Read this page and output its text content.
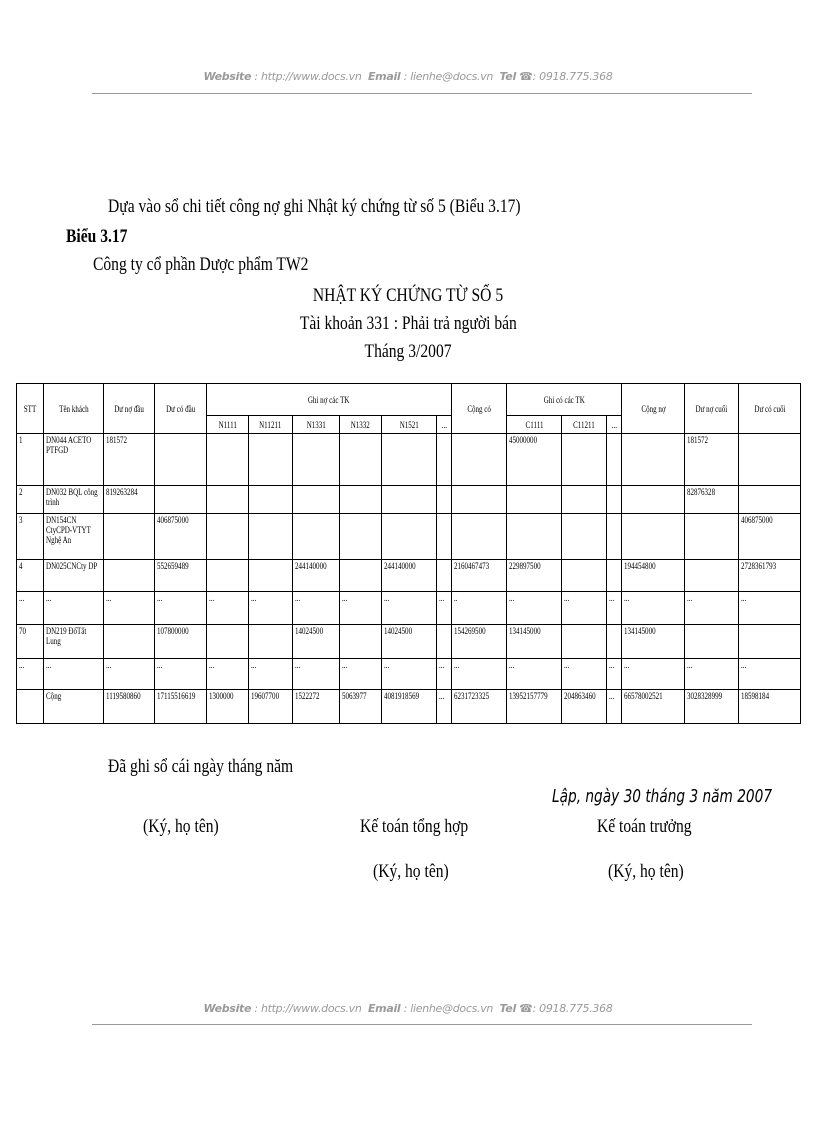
Website : http://www.docs.vn Email : lienhe@docs.vn Tel ☎: 0918.775.368
Dựa vào sổ chi tiết công nợ ghi Nhật ký chứng từ số 5 (Biểu 3.17)
Biểu 3.17
Công ty cổ phần Dược phẩm TW2
NHẬT KÝ CHỨNG TỪ SỐ 5
Tài khoản 331 : Phải trả người bán
Tháng 3/2007
STT	Tên khách	Dư nợ đầu	Dư có đầu	Ghi nợ các TK						Cộng có	Ghi có các TK			Cộng nợ	Dư nợ cuối	Dư có cuối
				N1111	N11211	N1331	N1332	N1521	...		C1111	C11211	...			
1	DN044 ACETO PTFGD	181572									45000000				181572	
2	DN032 BQL công trình	819263284													82876328	
3	DN154CN CtyCPD-VTYT Nghệ An		406875000													406875000
4	DN025CNCty DP		552659489			244140000		244140000		2160467473	229897500			194454800		2728361793
...	...	...	...	...	...	...	...	...	...	..	...	...	...	...	...	...
70	DN219 ĐốTất Lung		107800000			14024500		14024500		154269500	134145000			134145000		
...	...	...	...	...	...	...	...	...	...	...	...	...	...	...	...	...

	Cộng	1119580860	17115516619	1300000	19607700	1522272	5063977	4081918569	...	6231723325	13952157779	204863460	...	66578002521	3028328999	18598184
Đã ghi sổ cái ngày tháng năm
Lập, ngày 30 tháng 3 năm 2007
(Ký, họ tên)	Kế toán tổng hợp	Kế toán trưởng
(Ký, họ tên)	(Ký, họ tên)
Website : http://www.docs.vn Email : lienhe@docs.vn Tel ☎: 0918.775.368
